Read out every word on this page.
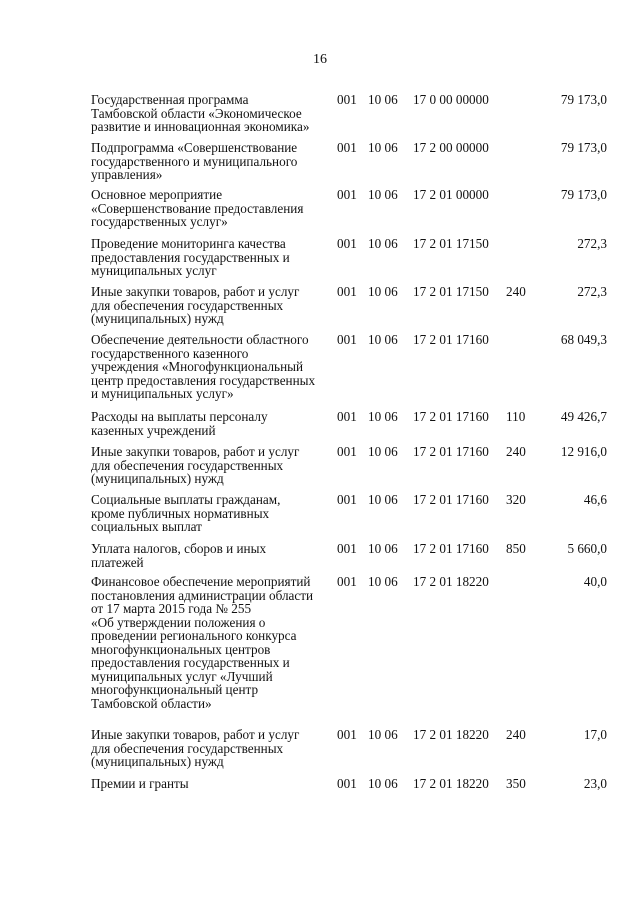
16
Государственная программа
Тамбовской области «Экономическое
развитие и инновационная экономика»
001 10 06 17 0 00 00000	79 173,0
Подпрограмма «Совершенствование
государственного и муниципального
управления»
001 10 06 17 2 00 00000	79 173,0
Основное мероприятие
«Совершенствование предоставления
государственных услуг»
001 10 06 17 2 01 00000	79 173,0
Проведение мониторинга качества
предоставления государственных и
муниципальных услуг
001 10 06 17 2 01 17150	272,3
Иные закупки товаров, работ и услуг
для обеспечения государственных
(муниципальных) нужд
001 10 06 17 2 01 17150 240	272,3
Обеспечение деятельности областного
государственного казенного
учреждения «Многофункциональный
центр предоставления государственных
и муниципальных услуг»
001 10 06 17 2 01 17160	68 049,3
Расходы на выплаты персоналу
казенных учреждений
001 10 06 17 2 01 17160 110	49 426,7
Иные закупки товаров, работ и услуг
для обеспечения государственных
(муниципальных) нужд
001 10 06 17 2 01 17160 240	12 916,0
Социальные выплаты гражданам,
кроме публичных нормативных
социальных выплат
001 10 06 17 2 01 17160 320	46,6
Уплата налогов, сборов и иных
платежей
001 10 06 17 2 01 17160 850	5 660,0
Финансовое обеспечение мероприятий
постановления администрации области
от 17 марта 2015 года № 255
«Об утверждении положения о
проведении регионального конкурса
многофункциональных центров
предоставления государственных и
муниципальных услуг «Лучший
многофункциональный центр
Тамбовской области»
001 10 06 17 2 01 18220	40,0
Иные закупки товаров, работ и услуг
для обеспечения государственных
(муниципальных) нужд
001 10 06 17 2 01 18220 240	17,0
Премии и гранты	001 10 06 17 2 01 18220 350	23,0
